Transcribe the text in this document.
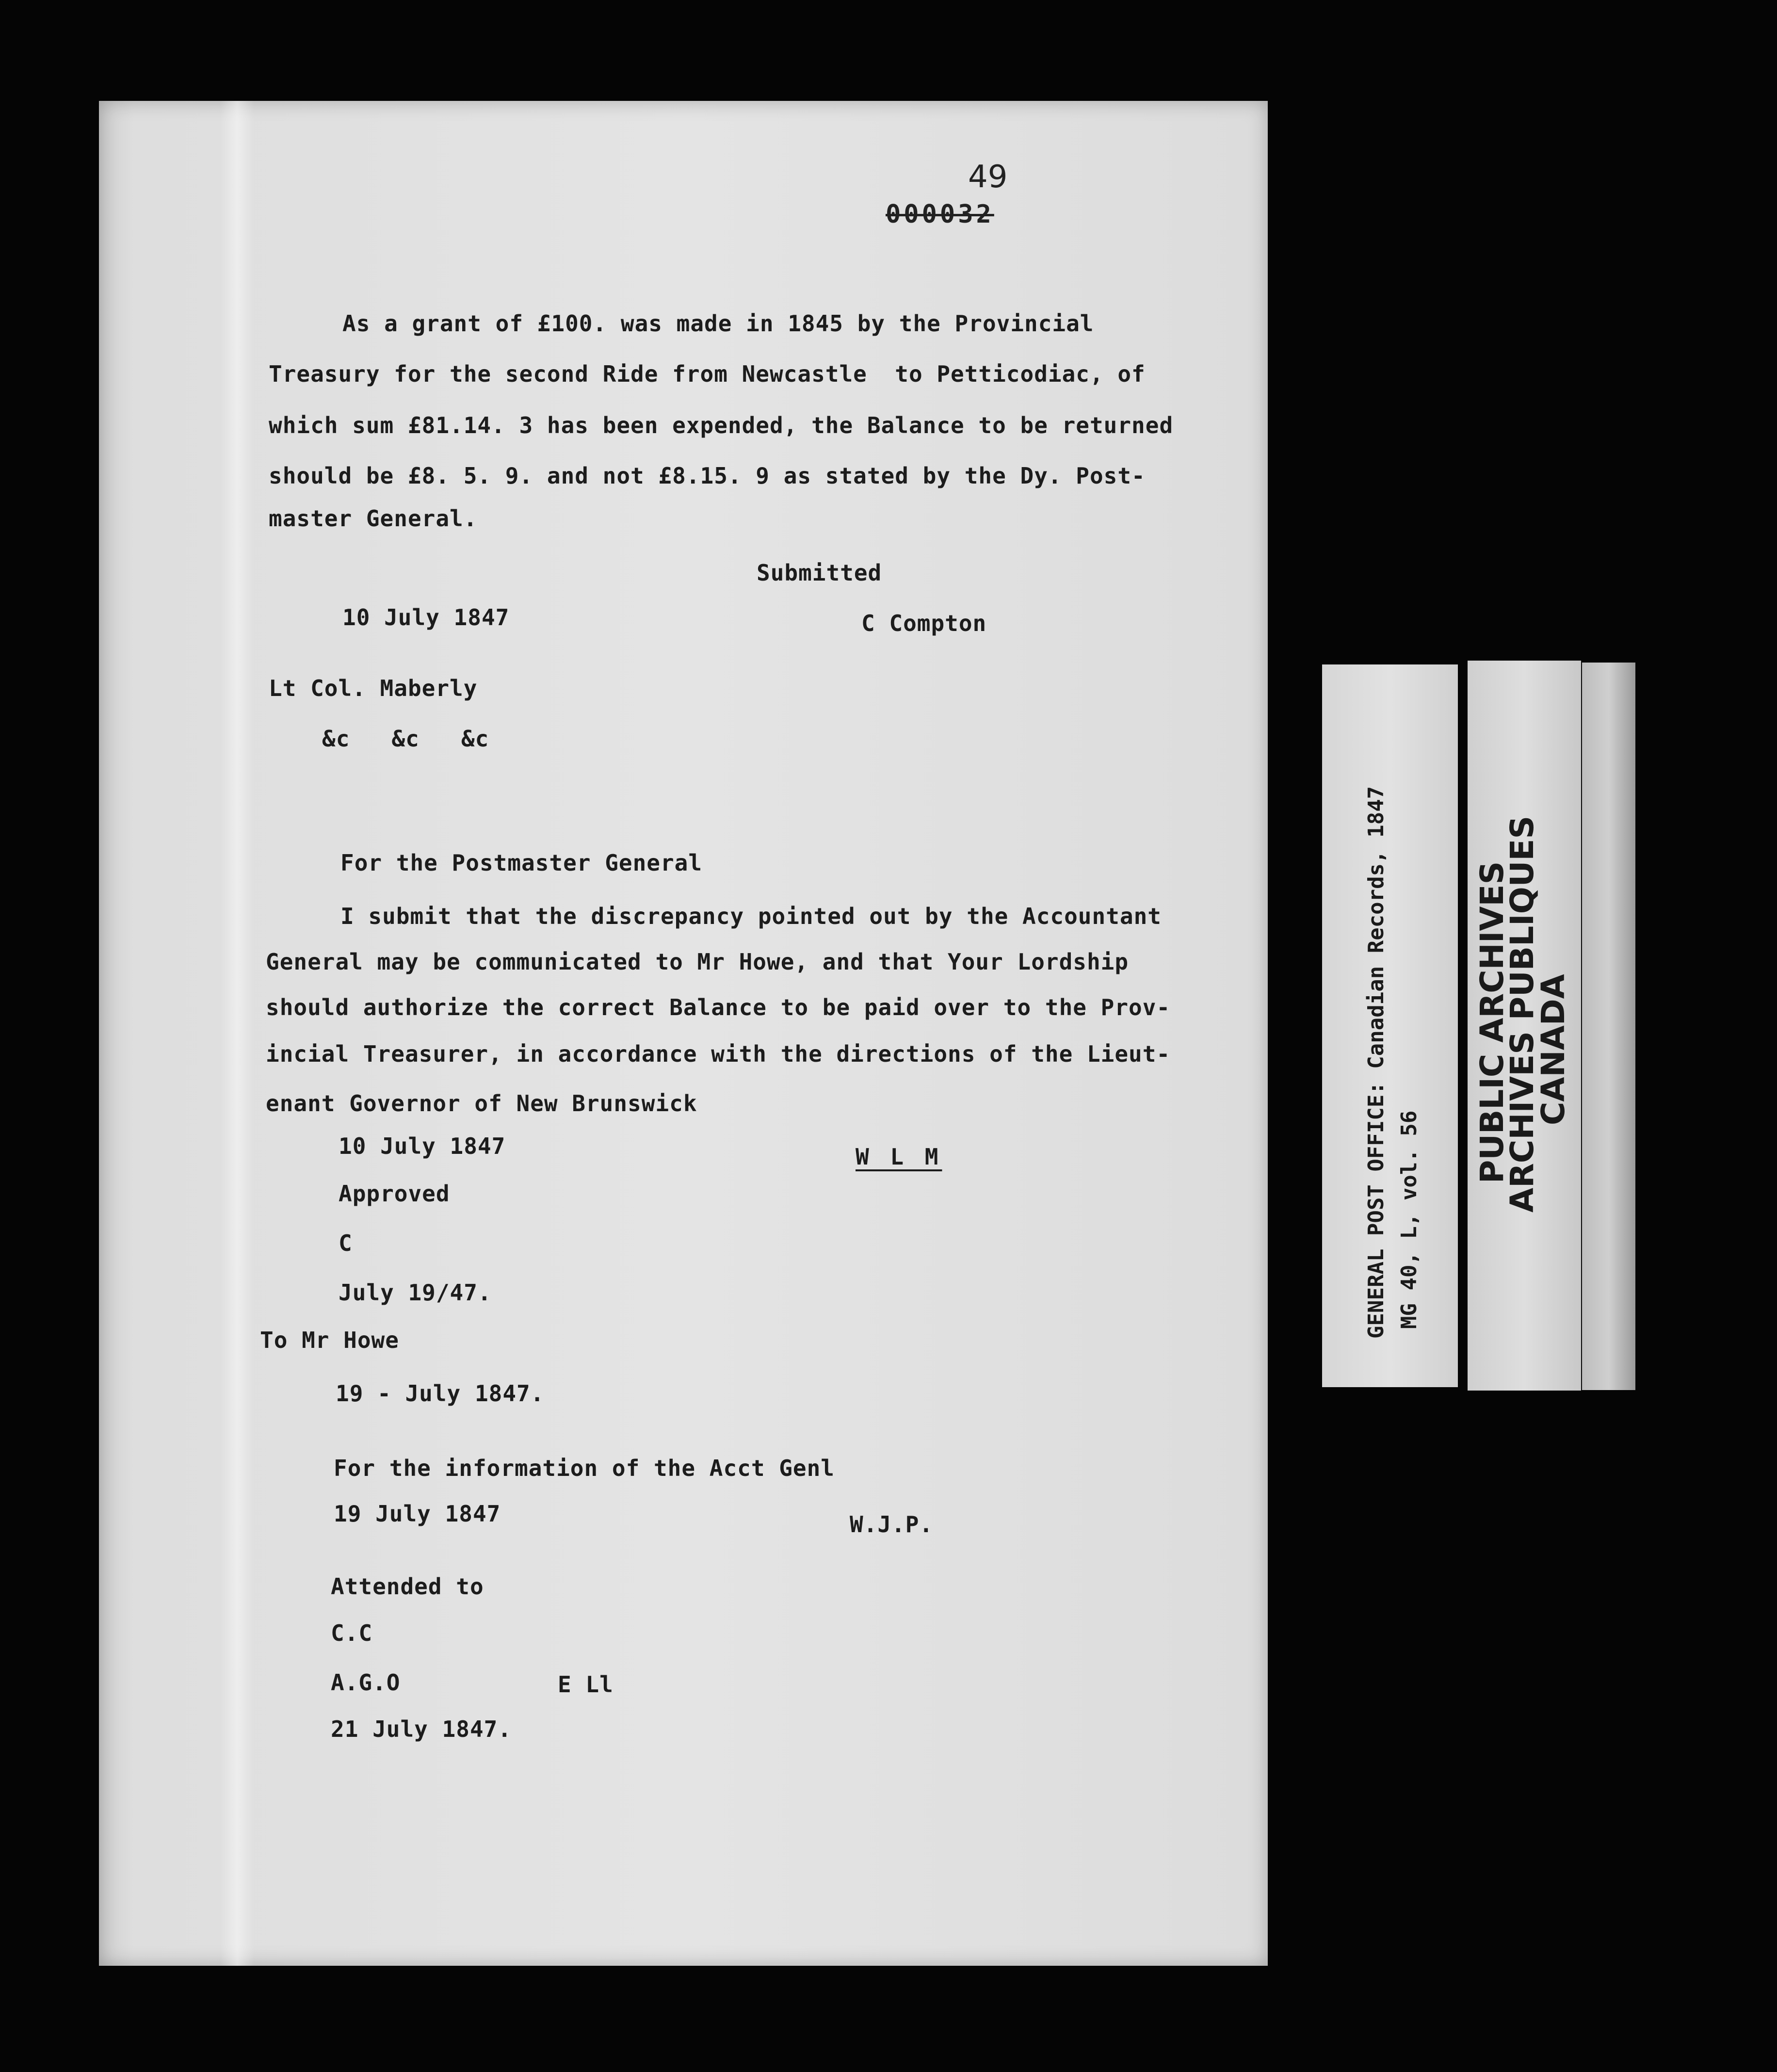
49
000032
As a grant of £100. was made in 1845 by the Provincial
Treasury for the second Ride from Newcastle  to Petticodiac, of
which sum £81.14. 3 has been expended, the Balance to be returned
should be £8. 5. 9. and not £8.15. 9 as stated by the Dy. Post-
master General.
Submitted
10 July 1847	C Compton
Lt Col. Maberly
&c   &c   &c
For the Postmaster General
I submit that the discrepancy pointed out by the Accountant
General may be communicated to Mr Howe, and that Your Lordship
should authorize the correct Balance to be paid over to the Prov-
incial Treasurer, in accordance with the directions of the Lieut-
enant Governor of New Brunswick
10 July 1847	W L M
Approved
C
July 19/47.
To Mr Howe
19 - July 1847.
For the information of the Acct Genl
19 July 1847	W.J.P.
Attended to
C.C
A.G.O	E Ll
21 July 1847.
GENERAL POST OFFICE: Canadian Records, 1847 MG 40, L, vol. 56
PUBLIC ARCHIVES
ARCHIVES PUBLIQUES
CANADA
